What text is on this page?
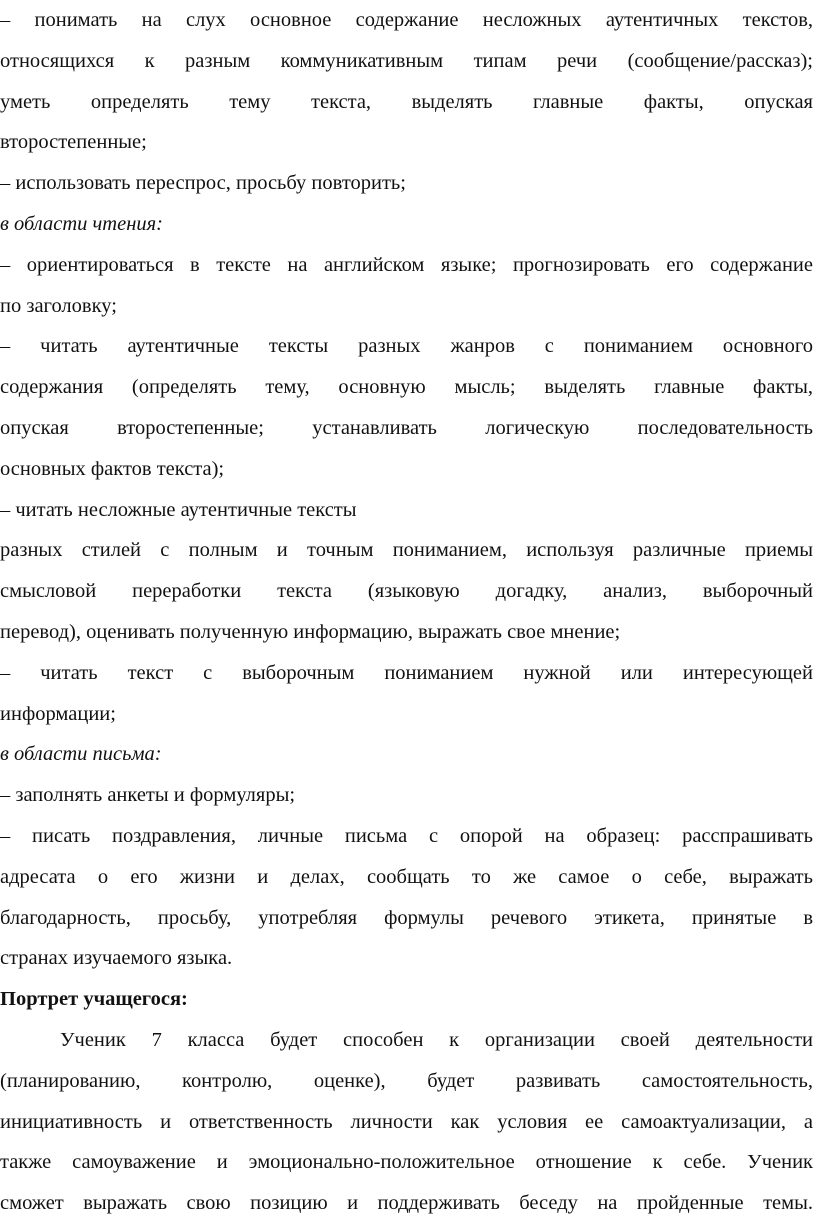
– понимать на слух основное содержание несложных аутентичных текстов,
относящихся к разным коммуникативным типам речи (сообщение/рассказ);
уметь определять тему текста, выделять главные факты, опуская
второстепенные;
– использовать переспрос, просьбу повторить;
в области чтения:
– ориентироваться в тексте на английском языке; прогнозировать его содержание
по заголовку;
– читать аутентичные тексты разных жанров с пониманием основного
содержания (определять тему, основную мысль; выделять главные факты,
опуская второстепенные; устанавливать логическую последовательность
основных фактов текста);
– читать несложные аутентичные тексты
разных стилей с полным и точным пониманием, используя различные приемы
смысловой переработки текста (языковую догадку, анализ, выборочный
перевод), оценивать полученную информацию, выражать свое мнение;
– читать текст с выборочным пониманием нужной или интересующей
информации;
в области письма:
– заполнять анкеты и формуляры;
– писать поздравления, личные письма с опорой на образец: расспрашивать
адресата о его жизни и делах, сообщать то же самое о себе, выражать
благодарность, просьбу, употребляя формулы речевого этикета, принятые в
странах изучаемого языка.
Портрет учащегося:
Ученик 7 класса будет способен к организации своей деятельности
(планированию, контролю, оценке), будет развивать самостоятельность,
инициативность и ответственность личности как условия ее самоактуализации, а
также самоуважение и эмоционально-положительное отношение к себе. Ученик
сможет выражать свою позицию и поддерживать беседу на пройденные темы.
